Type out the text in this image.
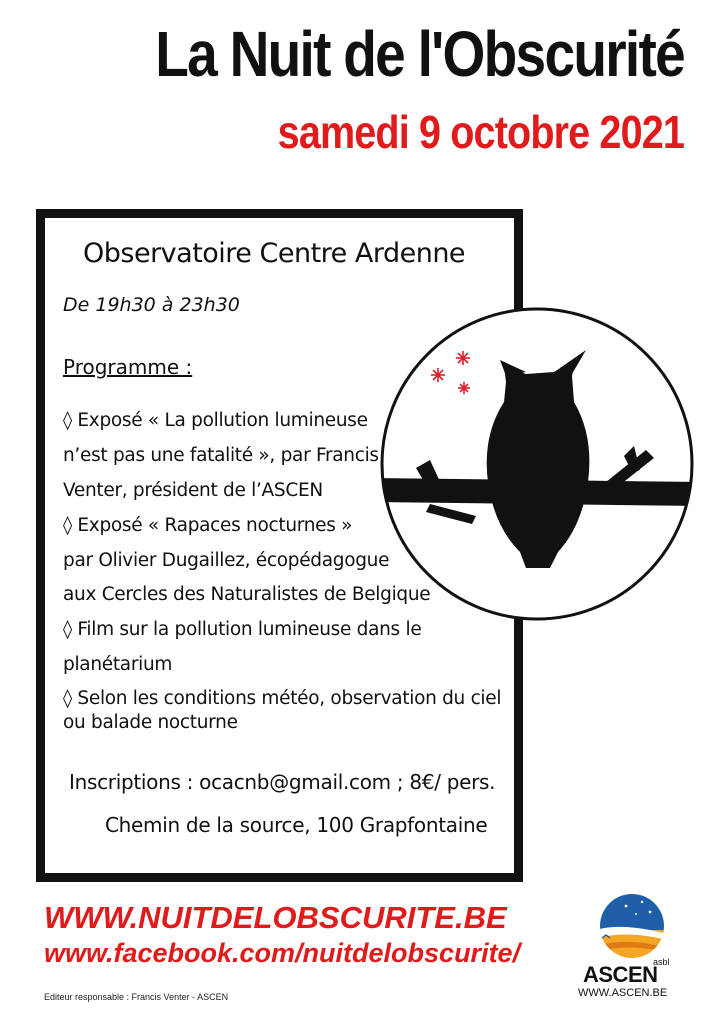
La Nuit de l'Obscurité
samedi 9 octobre 2021
Observatoire Centre Ardenne
De 19h30 à 23h30
Programme :
◊ Exposé « La pollution lumineuse
n’est pas une fatalité », par Francis
Venter, président de l’ASCEN
◊ Exposé « Rapaces nocturnes »
par Olivier Dugaillez, écopédagogue
aux Cercles des Naturalistes de Belgique
◊ Film sur la pollution lumineuse dans le
planétarium
◊ Selon les conditions météo, observation du ciel
ou balade nocturne
Inscriptions : ocacnb@gmail.com ; 8€/ pers.
Chemin de la source, 100 Grapfontaine
WWW.NUITDELOBSCURITE.BE
www.facebook.com/nuitdelobscurite/
Editeur responsable : Francis Venter - ASCEN
asbl
ASCEN
WWW.ASCEN.BE
